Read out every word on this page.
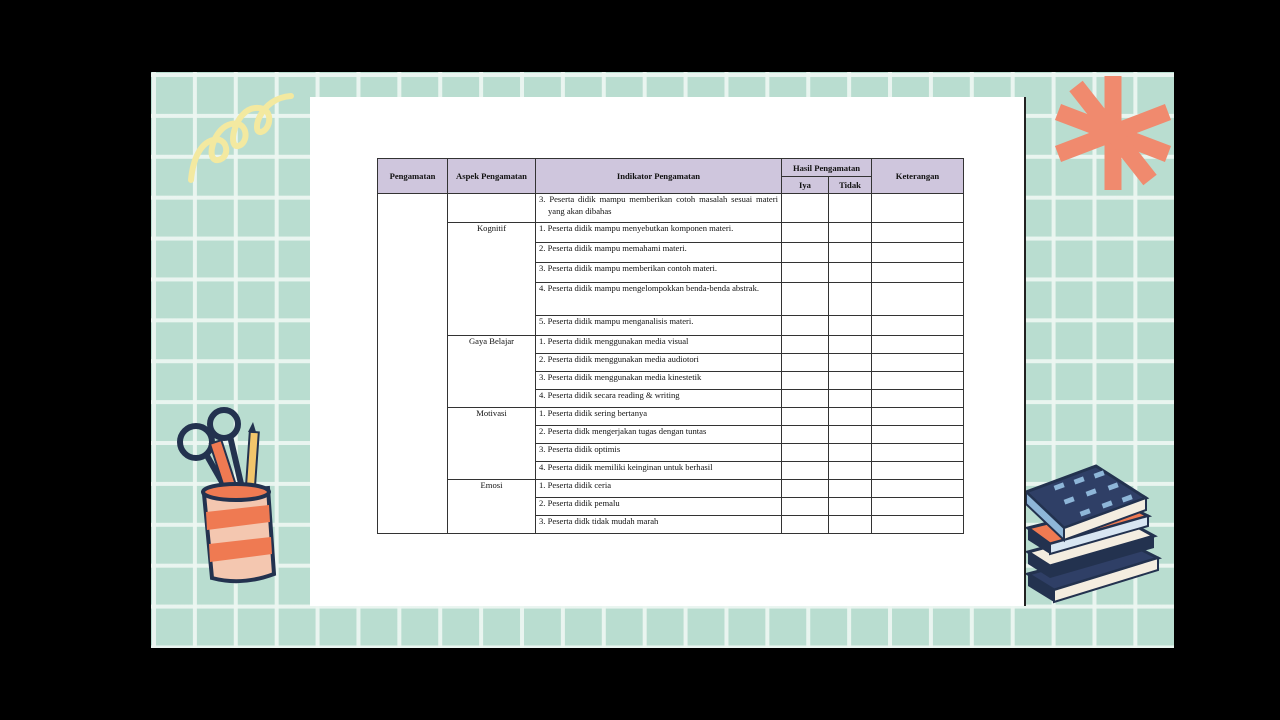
Pengamatan	Aspek Pengamatan	Indikator Pengamatan	Hasil Pengamatan		Keterangan
			Iya	Tidak	

		3. Peserta didik mampu memberikan cotoh masalah sesuai materi yang akan dibahas			

	Kognitif	1. Peserta didik mampu menyebutkan komponen materi.			

		2. Peserta didik mampu memahami materi.			

		3. Peserta didik mampu memberikan contoh materi.			

		4. Peserta didik mampu mengelompokkan benda-benda abstrak.			

		5. Peserta didik mampu menganalisis materi.			

	Gaya Belajar	1. Peserta didik menggunakan media visual			

		2. Peserta didik menggunakan media audiotori			

		3. Peserta didik menggunakan media kinestetik			

		4. Peserta didik secara reading & writing			

	Motivasi	1. Peserta didik sering bertanya			

		2. Peserta didk mengerjakan tugas dengan tuntas			

		3. Peserta didik optimis			

		4. Peserta didik memiliki keinginan untuk berhasil			

	Emosi	1. Peserta didik ceria			

		2. Peserta didik pemalu			

		3. Peserta didk tidak mudah marah			
